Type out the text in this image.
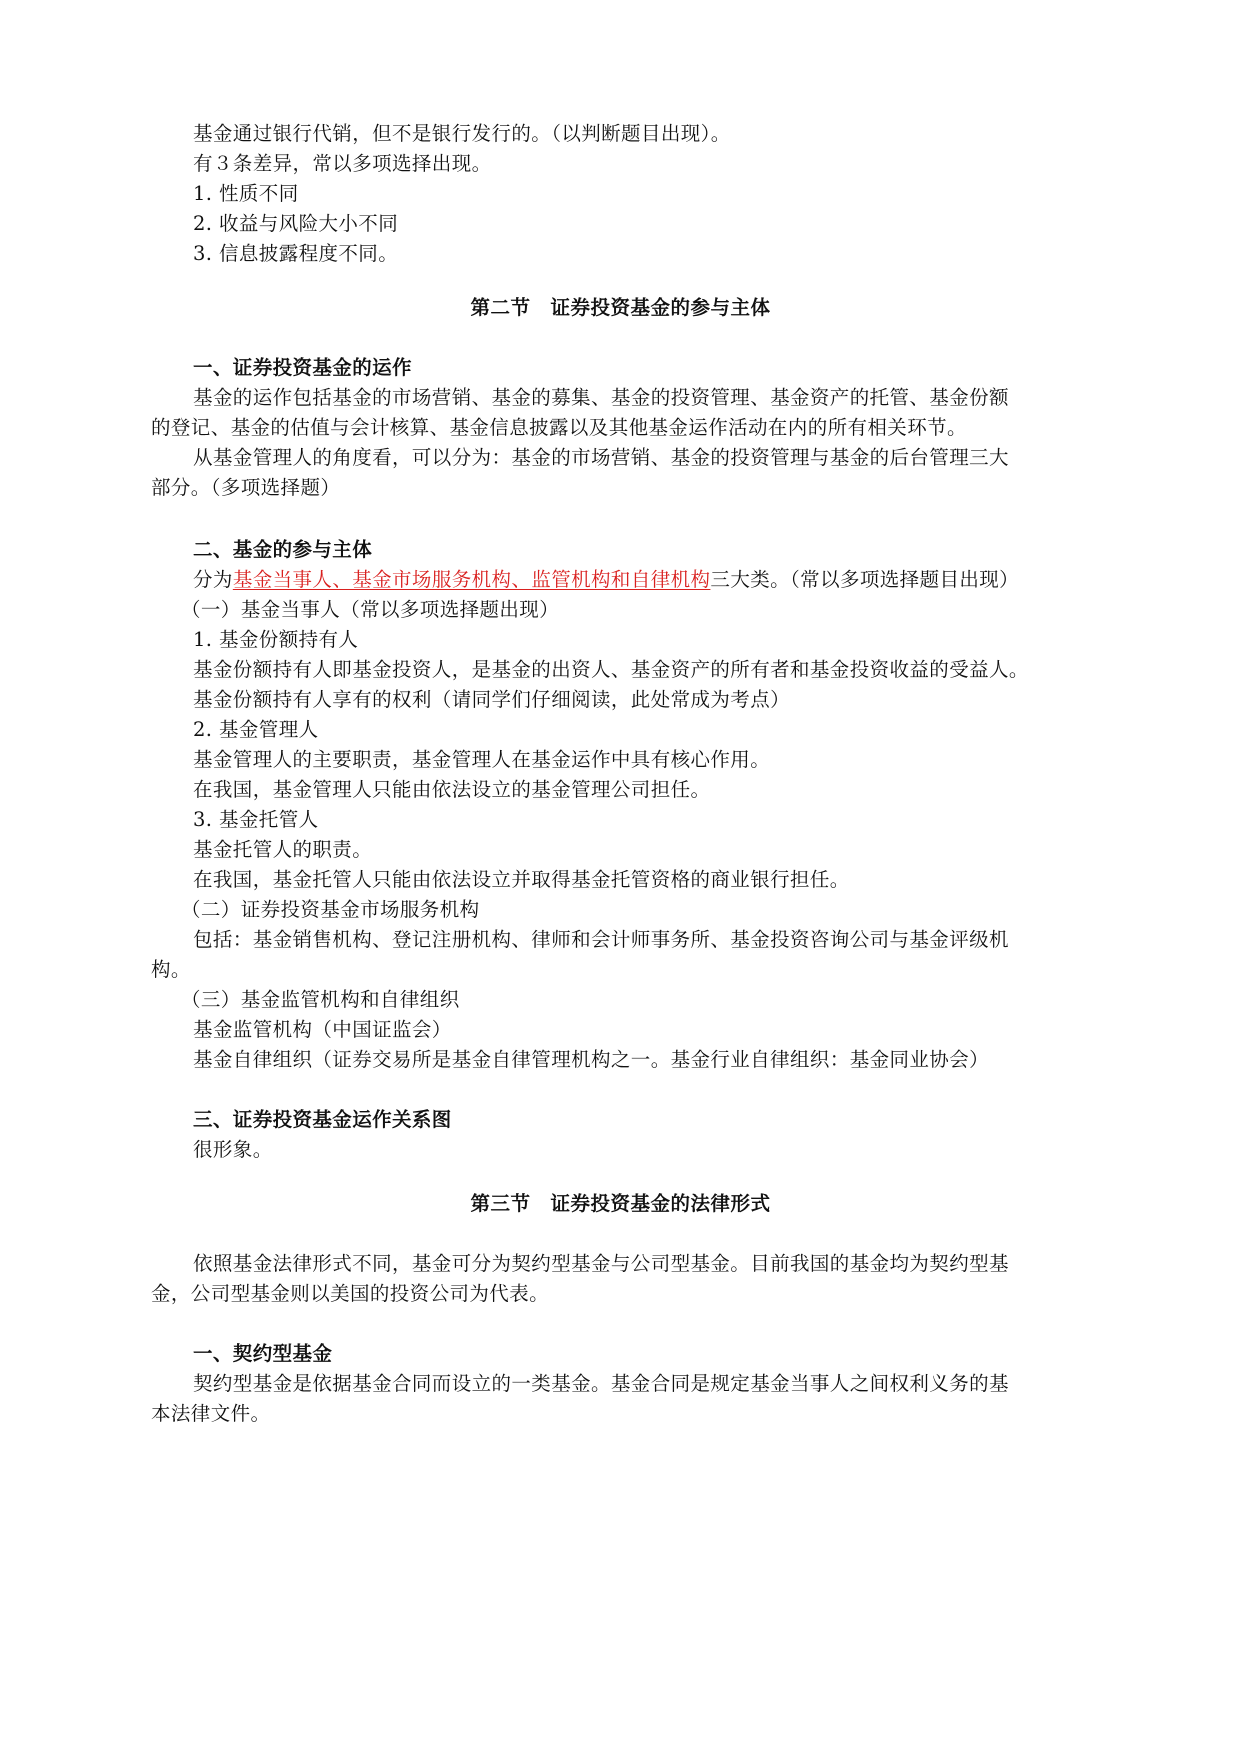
基金通过银行代销，但不是银行发行的。（以判断题目出现）。

有３条差异，常以多项选择出现。

1. 性质不同

2. 收益与风险大小不同

3. 信息披露程度不同。

第二节　证券投资基金的参与主体
一、证券投资基金的运作

基金的运作包括基金的市场营销、基金的募集、基金的投资管理、基金资产的托管、基金份额

的登记、基金的估值与会计核算、基金信息披露以及其他基金运作活动在内的所有相关环节。

从基金管理人的角度看，可以分为：基金的市场营销、基金的投资管理与基金的后台管理三大

部分。（多项选择题）

二、基金的参与主体

分为基金当事人、基金市场服务机构、监管机构和自律机构三大类。（常以多项选择题目出现）

（一）基金当事人（常以多项选择题出现）

1. 基金份额持有人

基金份额持有人即基金投资人，是基金的出资人、基金资产的所有者和基金投资收益的受益人。

基金份额持有人享有的权利（请同学们仔细阅读，此处常成为考点）

2. 基金管理人

基金管理人的主要职责，基金管理人在基金运作中具有核心作用。

在我国，基金管理人只能由依法设立的基金管理公司担任。

3. 基金托管人

基金托管人的职责。

在我国，基金托管人只能由依法设立并取得基金托管资格的商业银行担任。

（二）证券投资基金市场服务机构

包括：基金销售机构、登记注册机构、律师和会计师事务所、基金投资咨询公司与基金评级机

构。

（三）基金监管机构和自律组织

基金监管机构（中国证监会）

基金自律组织（证券交易所是基金自律管理机构之一。基金行业自律组织：基金同业协会）

三、证券投资基金运作关系图

很形象。

第三节　证券投资基金的法律形式

依照基金法律形式不同，基金可分为契约型基金与公司型基金。目前我国的基金均为契约型基

金，公司型基金则以美国的投资公司为代表。

一、契约型基金

契约型基金是依据基金合同而设立的一类基金。基金合同是规定基金当事人之间权利义务的基

本法律文件。
